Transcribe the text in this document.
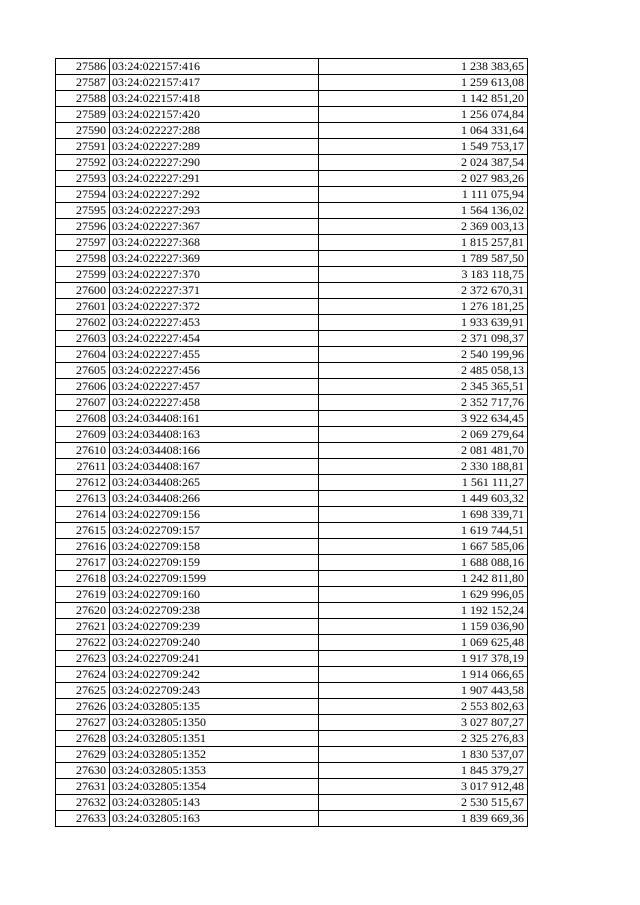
27586	03:24:022157:416	1 238 383,65
27587	03:24:022157:417	1 259 613,08
27588	03:24:022157:418	1 142 851,20
27589	03:24:022157:420	1 256 074,84
27590	03:24:022227:288	1 064 331,64
27591	03:24:022227:289	1 549 753,17
27592	03:24:022227:290	2 024 387,54
27593	03:24:022227:291	2 027 983,26
27594	03:24:022227:292	1 111 075,94
27595	03:24:022227:293	1 564 136,02
27596	03:24:022227:367	2 369 003,13
27597	03:24:022227:368	1 815 257,81
27598	03:24:022227:369	1 789 587,50
27599	03:24:022227:370	3 183 118,75
27600	03:24:022227:371	2 372 670,31
27601	03:24:022227:372	1 276 181,25
27602	03:24:022227:453	1 933 639,91
27603	03:24:022227:454	2 371 098,37
27604	03:24:022227:455	2 540 199,96
27605	03:24:022227:456	2 485 058,13
27606	03:24:022227:457	2 345 365,51
27607	03:24:022227:458	2 352 717,76
27608	03:24:034408:161	3 922 634,45
27609	03:24:034408:163	2 069 279,64
27610	03:24:034408:166	2 081 481,70
27611	03:24:034408:167	2 330 188,81
27612	03:24:034408:265	1 561 111,27
27613	03:24:034408:266	1 449 603,32
27614	03:24:022709:156	1 698 339,71
27615	03:24:022709:157	1 619 744,51
27616	03:24:022709:158	1 667 585,06
27617	03:24:022709:159	1 688 088,16
27618	03:24:022709:1599	1 242 811,80
27619	03:24:022709:160	1 629 996,05
27620	03:24:022709:238	1 192 152,24
27621	03:24:022709:239	1 159 036,90
27622	03:24:022709:240	1 069 625,48
27623	03:24:022709:241	1 917 378,19
27624	03:24:022709:242	1 914 066,65
27625	03:24:022709:243	1 907 443,58
27626	03:24:032805:135	2 553 802,63
27627	03:24:032805:1350	3 027 807,27
27628	03:24:032805:1351	2 325 276,83
27629	03:24:032805:1352	1 830 537,07
27630	03:24:032805:1353	1 845 379,27
27631	03:24:032805:1354	3 017 912,48
27632	03:24:032805:143	2 530 515,67
27633	03:24:032805:163	1 839 669,36
